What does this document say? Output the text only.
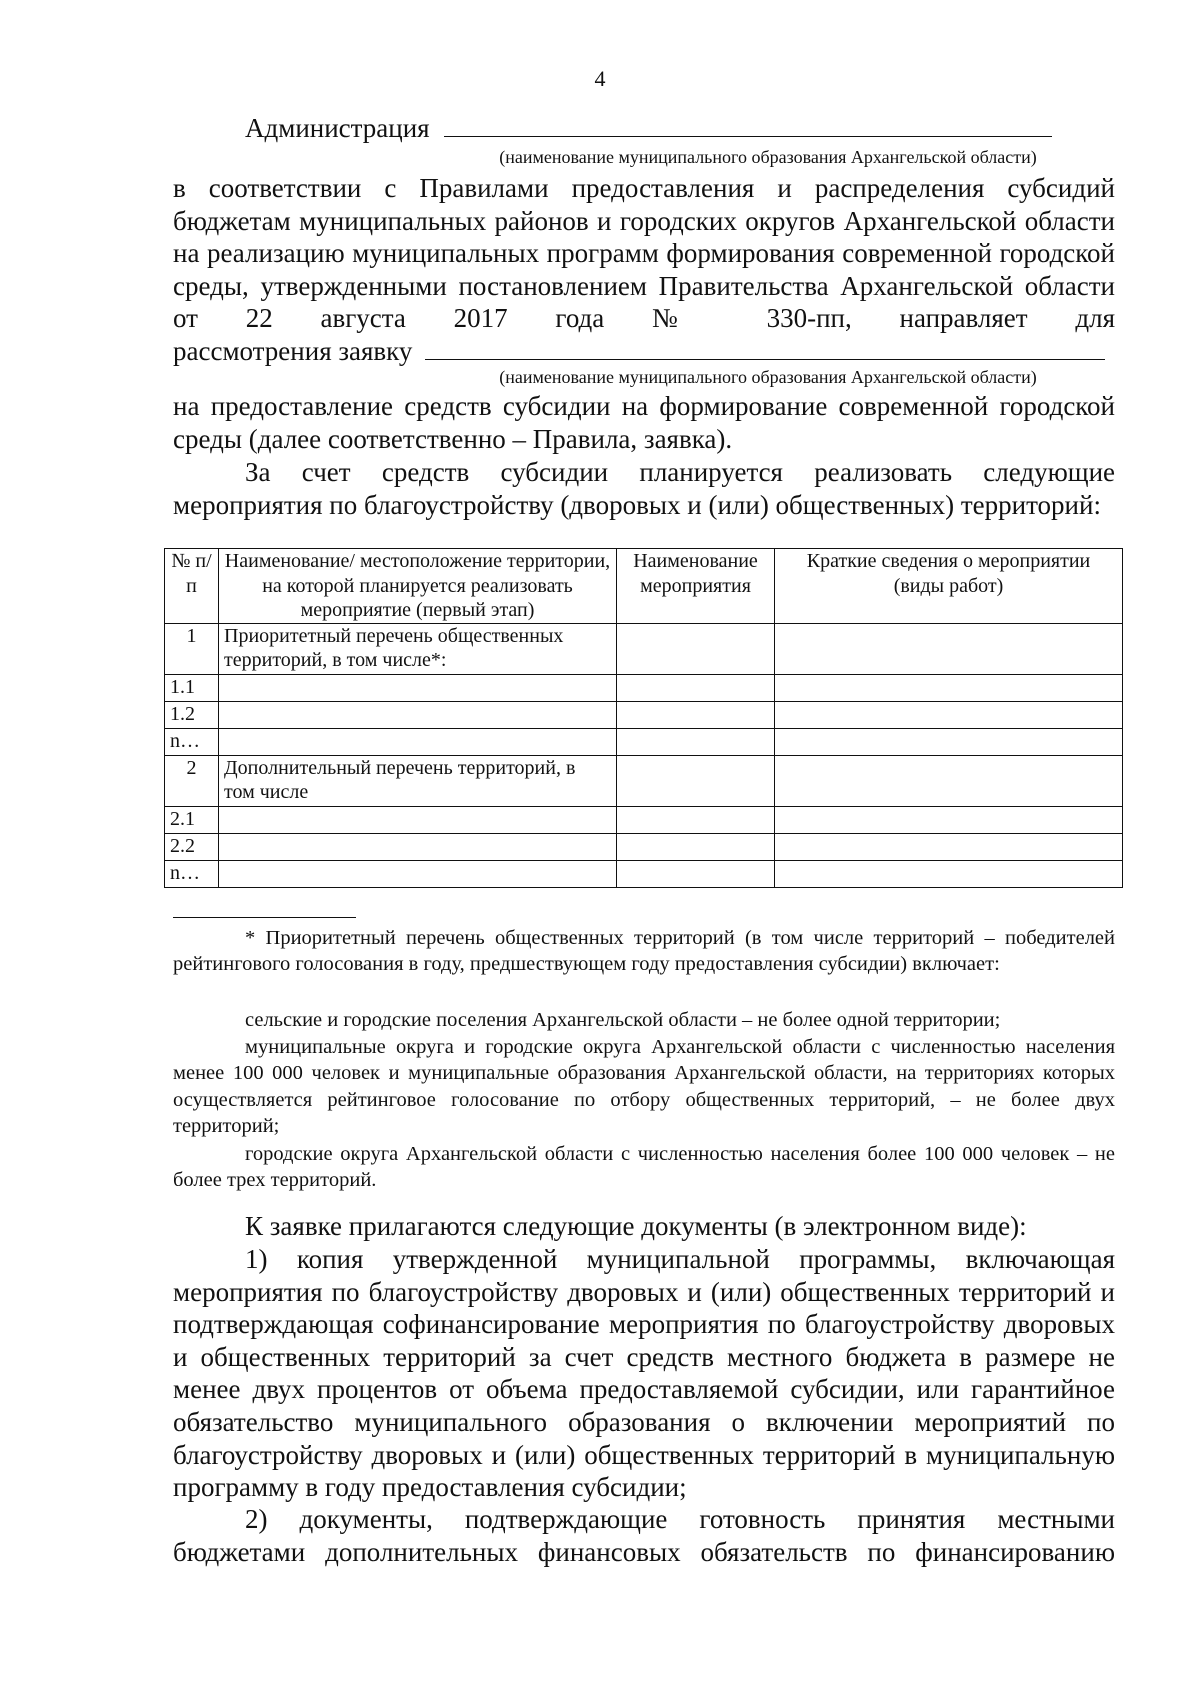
4

Администрация

(наименование муниципального образования Архангельской области)

в соответствии с Правилами предоставления и распределения субсидий бюджетам муниципальных районов и городских округов Архангельской области на реализацию муниципальных программ формирования современной городской среды, утвержденными постановлением Правительства Архангельской области от 22 августа 2017 года № 330-пп, направляет для

рассмотрения заявку

(наименование муниципального образования Архангельской области)

на предоставление средств субсидии на формирование современной городской среды (далее соответственно – Правила, заявка).

За счет средств субсидии планируется реализовать следующие мероприятия по благоустройству (дворовых и (или) общественных) территорий:

№ п/п	Наименование/ местоположение территории, на которой планируется реализовать мероприятие (первый этап)	Наименование мероприятия	Краткие сведения о мероприятии (виды работ)
1	Приоритетный перечень общественных территорий, в том числе*:		
1.1			
1.2			
n…			
2	Дополнительный перечень территорий, в том числе		
2.1			
2.2			
n…			

* Приоритетный перечень общественных территорий (в том числе территорий – победителей рейтингового голосования в году, предшествующем году предоставления субсидии) включает:

сельские и городские поселения Архангельской области – не более одной территории;

муниципальные округа и городские округа Архангельской области с численностью населения менее 100 000 человек и муниципальные образования Архангельской области, на территориях которых осуществляется рейтинговое голосование по отбору общественных территорий, – не более двух территорий;

городские округа Архангельской области с численностью населения более 100 000 человек – не более трех территорий.

К заявке прилагаются следующие документы (в электронном виде):

1) копия утвержденной муниципальной программы, включающая мероприятия по благоустройству дворовых и (или) общественных территорий и подтверждающая софинансирование мероприятия по благоустройству дворовых и общественных территорий за счет средств местного бюджета в размере не менее двух процентов от объема предоставляемой субсидии, или гарантийное обязательство муниципального образования о включении мероприятий по благоустройству дворовых и (или) общественных территорий в муниципальную программу в году предоставления субсидии;

2) документы, подтверждающие готовность принятия местными бюджетами дополнительных финансовых обязательств по финансированию
